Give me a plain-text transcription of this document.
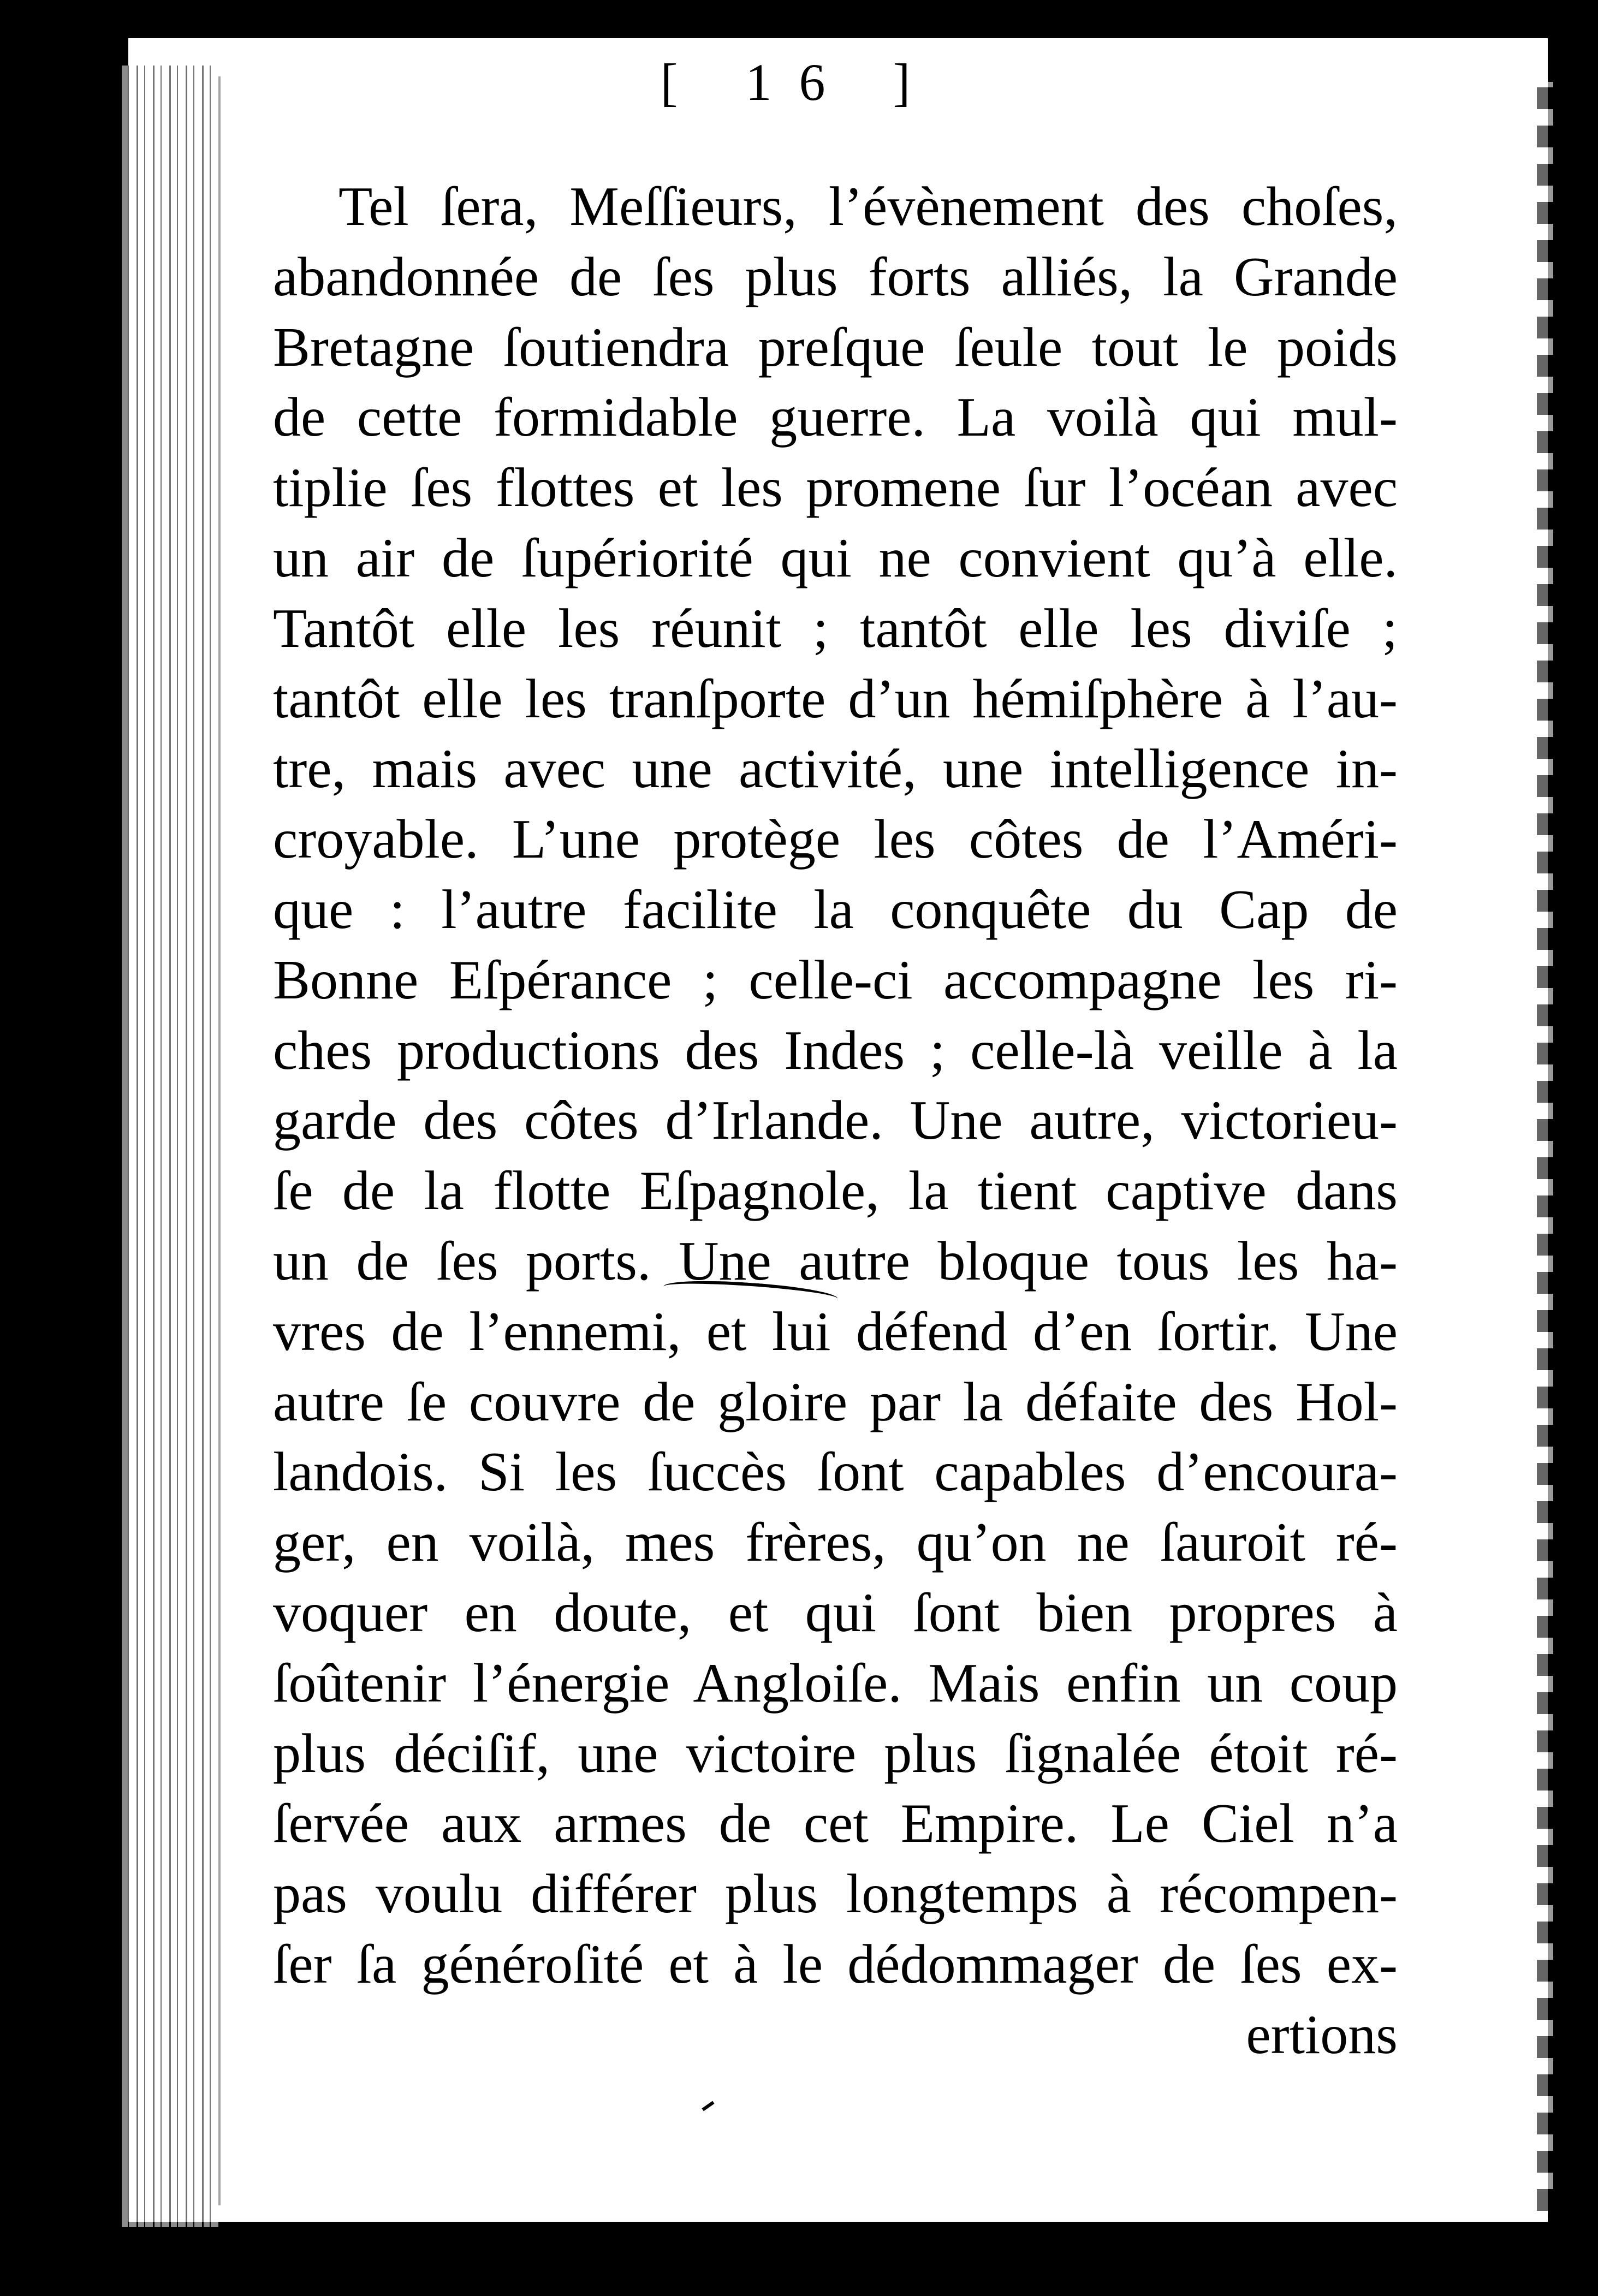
[ 16 ]
Tel ſera, Meſſieurs, l’évènement des choſes,
abandonnée de ſes plus forts alliés, la Grande
Bretagne ſoutiendra preſque ſeule tout le poids
de cette formidable guerre. La voilà qui mul-
tiplie ſes flottes et les promene ſur l’océan avec
un air de ſupériorité qui ne convient qu’à elle.
Tantôt elle les réunit ; tantôt elle les diviſe ;
tantôt elle les tranſporte d’un hémiſphère à l’au-
tre, mais avec une activité, une intelligence in-
croyable. L’une protège les côtes de l’Améri-
que : l’autre facilite la conquête du Cap de
Bonne Eſpérance ; celle-ci accompagne les ri-
ches productions des Indes ; celle-là veille à la
garde des côtes d’Irlande. Une autre, victorieu-
ſe de la flotte Eſpagnole, la tient captive dans
un de ſes ports. Une autre bloque tous les ha-
vres de l’ennemi, et lui défend d’en ſortir. Une
autre ſe couvre de gloire par la défaite des Hol-
landois. Si les ſuccès ſont capables d’encoura-
ger, en voilà, mes frères, qu’on ne ſauroit ré-
voquer en doute, et qui ſont bien propres à
ſoûtenir l’énergie Angloiſe. Mais enfin un coup
plus déciſif, une victoire plus ſignalée étoit ré-
ſervée aux armes de cet Empire. Le Ciel n’a
pas voulu différer plus longtemps à récompen-
ſer ſa généroſité et à le dédommager de ſes ex-
ertions
